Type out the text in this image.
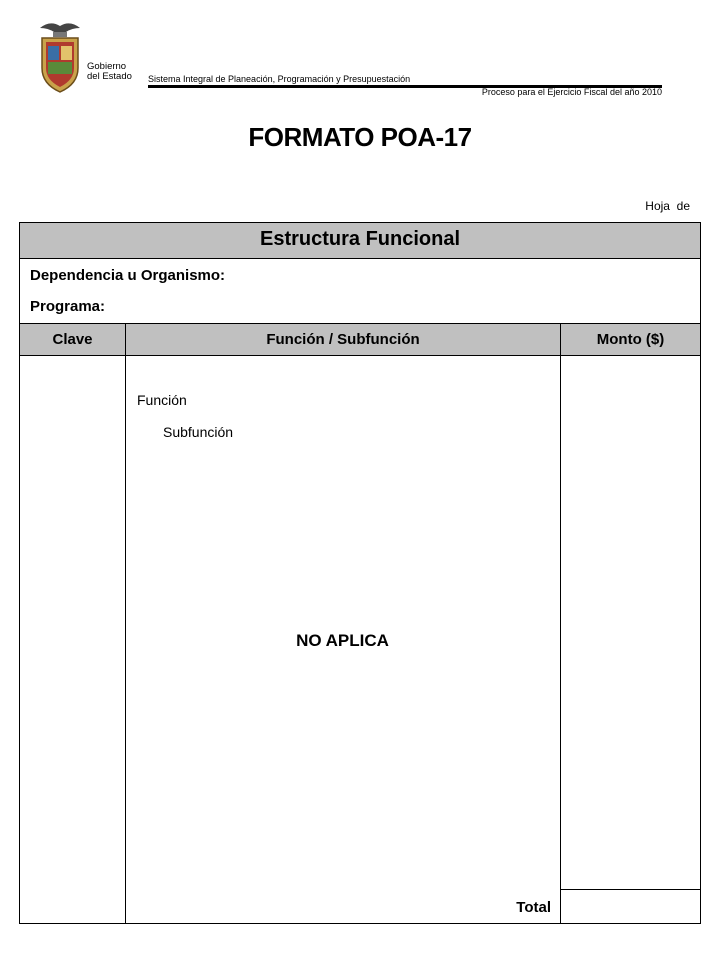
Gobierno
del Estado Sistema Integral de Planeación, Programación y Presupuestación
Proceso para el Ejercicio Fiscal del año 2010
FORMATO POA-17
Hoja  de
Estructura Funcional
Dependencia u Organismo:
Programa:
Clave	Función / Subfunción	Monto ($)
Función
Subfunción
NO APLICA
Total
